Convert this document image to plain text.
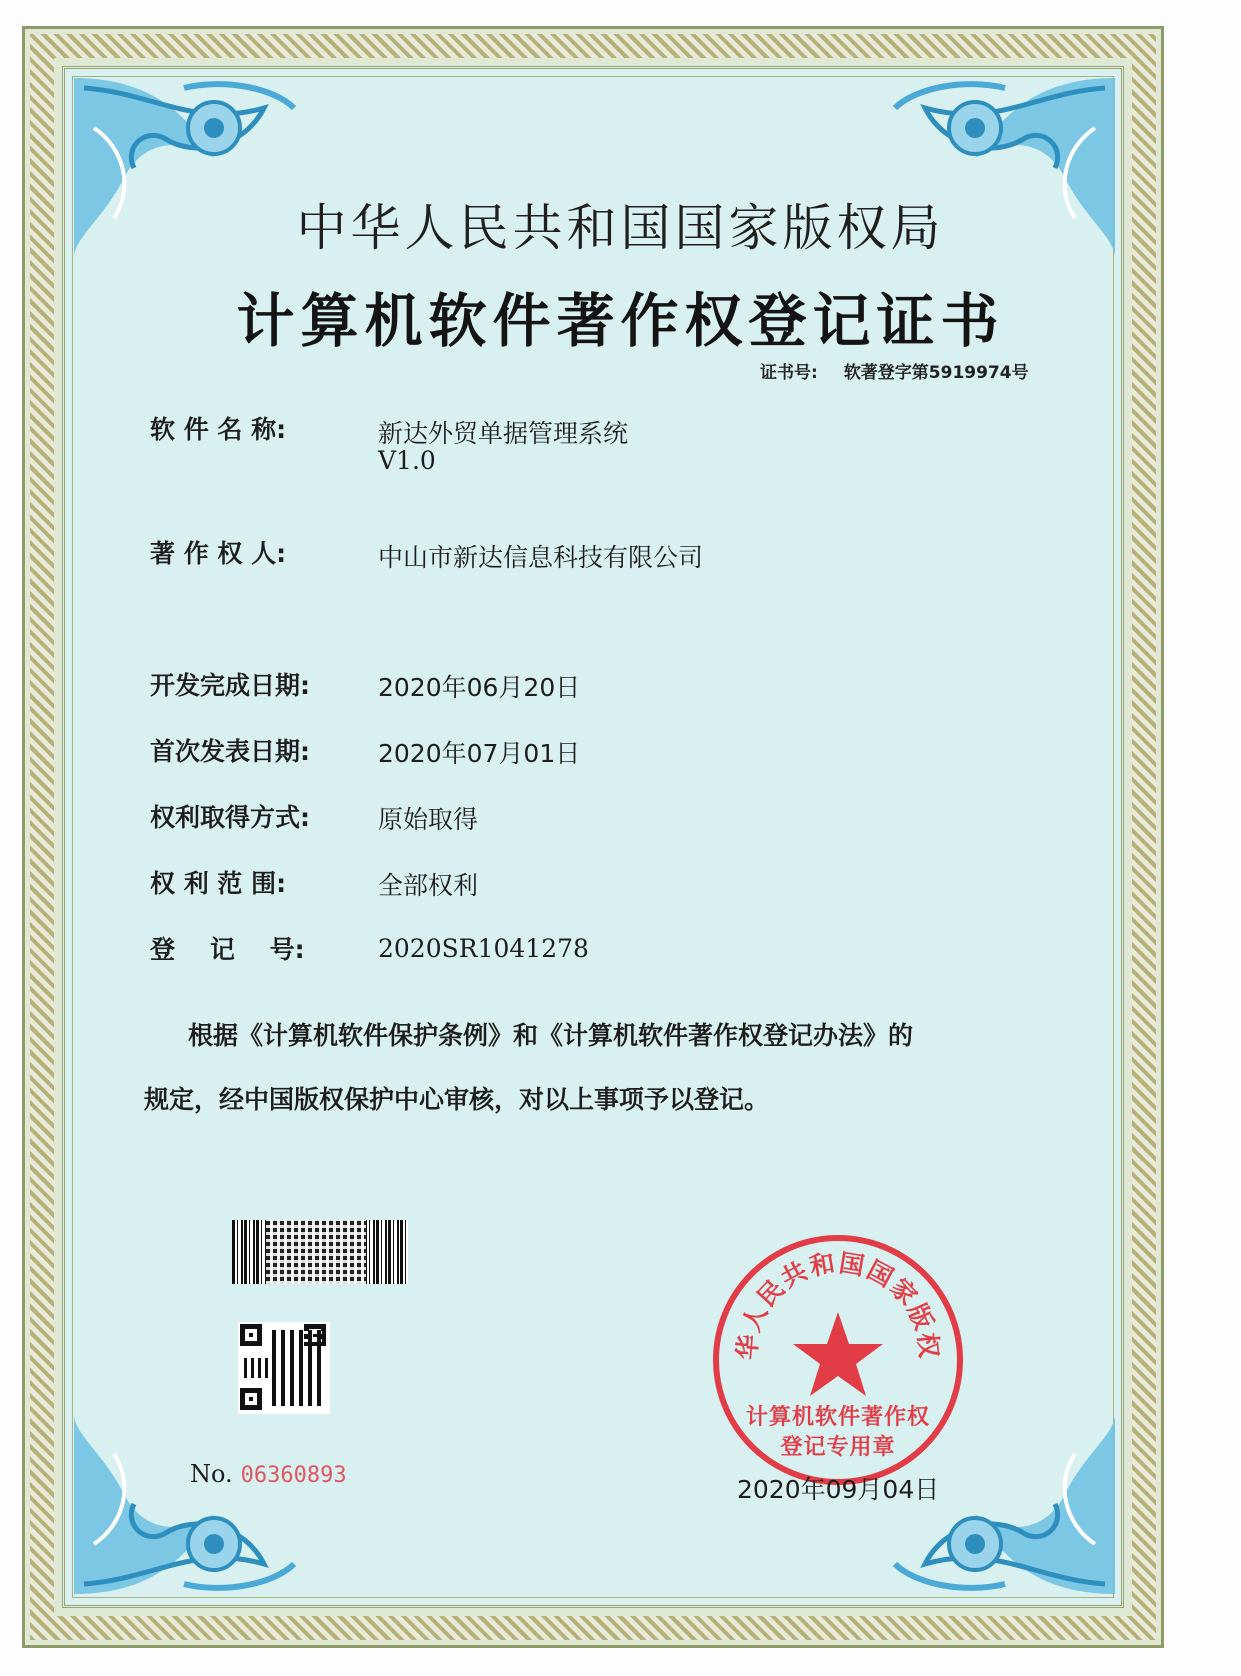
中华人民共和国国家版权局
计算机软件著作权登记证书
证书号: 软著登字第5919974号
软 件 名 称:	新达外贸单据管理系统
V1.0
著 作 权 人:	中山市新达信息科技有限公司
开发完成日期:	2020年06月20日
首次发表日期:	2020年07月01日
权利取得方式:	原始取得
权 利 范 围:	全部权利
登    记    号:	2020SR1041278
根据《计算机软件保护条例》和《计算机软件著作权登记办法》的
规定，经中国版权保护中心审核，对以上事项予以登记。
No. 06360893
华人民共和国国家版权
计算机软件著作权
登记专用章
2020年09月04日
